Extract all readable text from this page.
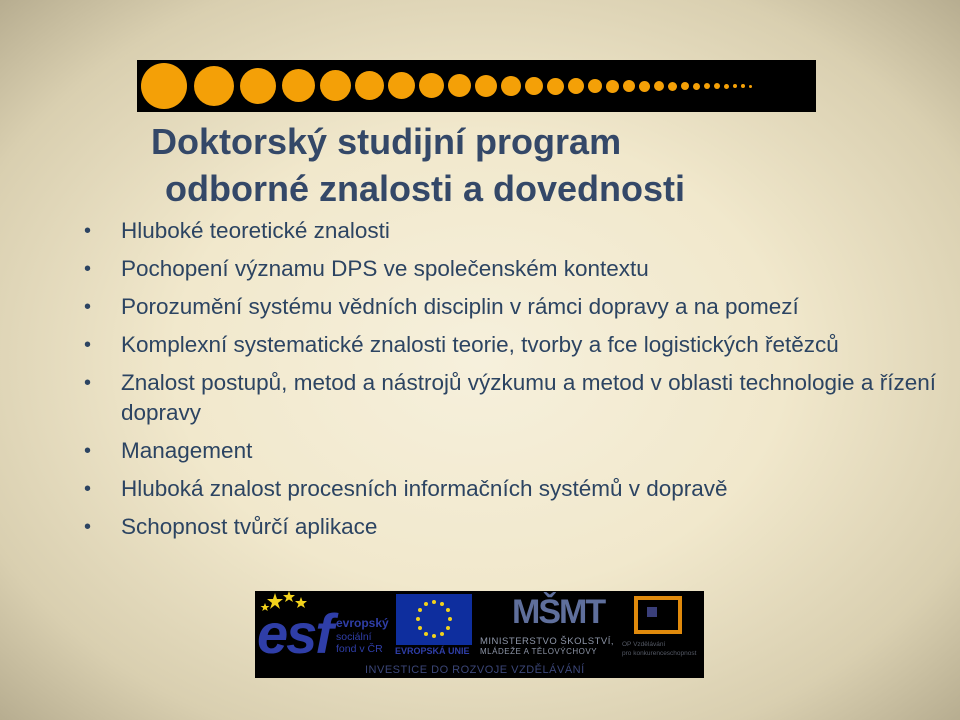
Doktorský studijní program
odborné znalosti a dovednosti
• Hluboké teoretické znalosti
• Pochopení významu DPS ve společenském kontextu
• Porozumění systému vědních disciplin v rámci dopravy a na pomezí
• Komplexní systematické znalosti teorie, tvorby a fce logistických řetězců
• Znalost postupů, metod a nástrojů výzkumu a metod v oblasti technologie a řízení dopravy
• Management
• Hluboká znalost procesních informačních systémů v dopravě
• Schopnost tvůrčí aplikace
esf evropský
sociální
fond v ČR EVROPSKÁ UNIE
MŠMT
MINISTERSTVO ŠKOLSTVÍ,
MLÁDEŽE A TĚLOVÝCHOVY
OP Vzdělávání
pro konkurenceschopnost
INVESTICE DO ROZVOJE VZDĚLÁVÁNÍ
